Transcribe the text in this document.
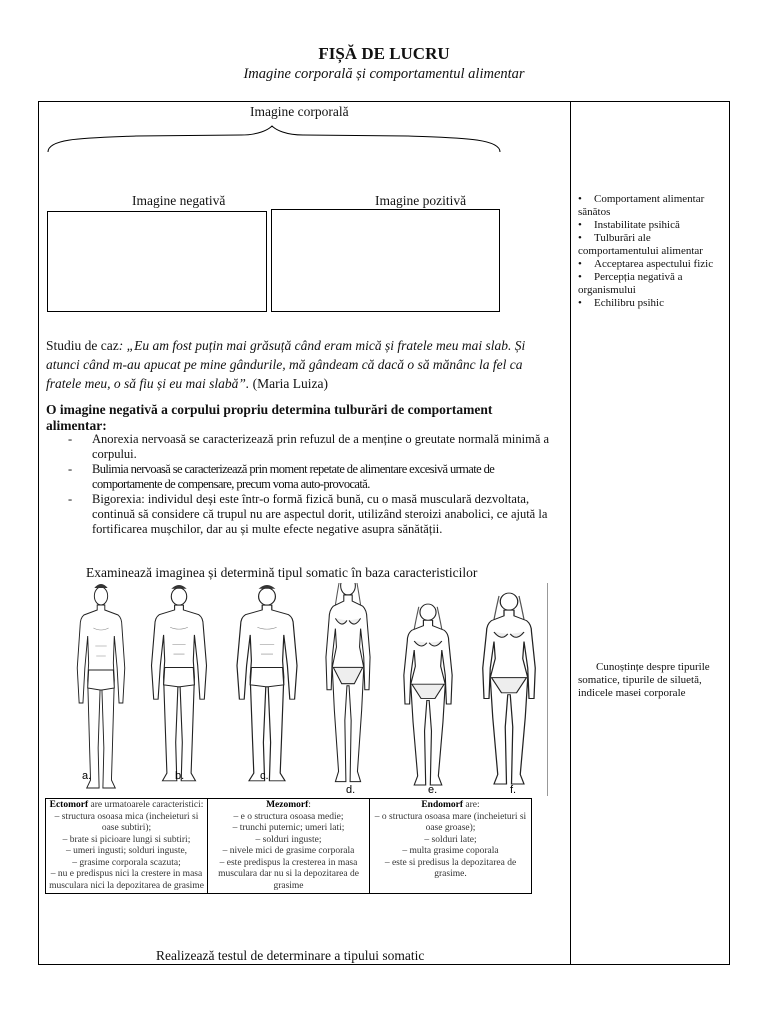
FIȘĂ DE LUCRU
Imagine corporală și comportamentul alimentar
Imagine corporală
Imagine negativă	Imagine pozitivă
Studiu de caz: „Eu am fost puțin mai grăsuță când eram mică și fratele meu mai slab. Și atunci când m-au apucat pe mine gândurile, mă gândeam că dacă o să mănânc la fel ca fratele meu, o să fiu și eu mai slabă”. (Maria Luiza)
O imagine negativă a corpului propriu determina tulburări de comportament alimentar:
- Anorexia nervoasă se caracterizează prin refuzul de a menține o greutate normală minimă a corpului.
- Bulimia nervoasă se caracterizează prin moment repetate de alimentare excesivă urmate de comportamente de compensare, precum voma auto-provocată.
- Bigorexia: individul deși este într-o formă fizică bună, cu o masă musculară dezvoltata, continuă să considere că trupul nu are aspectul dorit, utilizând steroizi anabolici, ce ajută la fortificarea mușchilor, dar au și multe efecte negative asupra sănătății.
Examinează imaginea și determină tipul somatic în baza caracteristicilor
a.	b.	c.
d.	e.	f.
Ectomorf are urmatoarele caracteristici:
– structura osoasa mica (incheieturi si oase subtiri);
– brate si picioare lungi si subtiri;
– umeri ingusti; solduri inguste,
– grasime corporala scazuta;
– nu e predispus nici la crestere in masa musculara nici la depozitarea de grasime	Mezomorf:
– e o structura osoasa medie;
– trunchi puternic; umeri lati;
– solduri inguste;
– nivele mici de grasime corporala
– este predispus la cresterea in masa musculara dar nu si la depozitarea de grasime	Endomorf are:
– o structura osoasa mare (incheieturi si oase groase);
– solduri late;
– multa grasime coporala
– este si predisus la depozitarea de grasime.
Realizează testul de determinare a tipului somatic
• Comportament alimentar sănătos
• Instabilitate psihică
• Tulburări ale comportamentului alimentar
• Acceptarea aspectului fizic
• Percepția negativă a organismului
• Echilibru psihic
Cunoștințe despre tipurile somatice, tipurile de siluetă, indicele masei corporale
